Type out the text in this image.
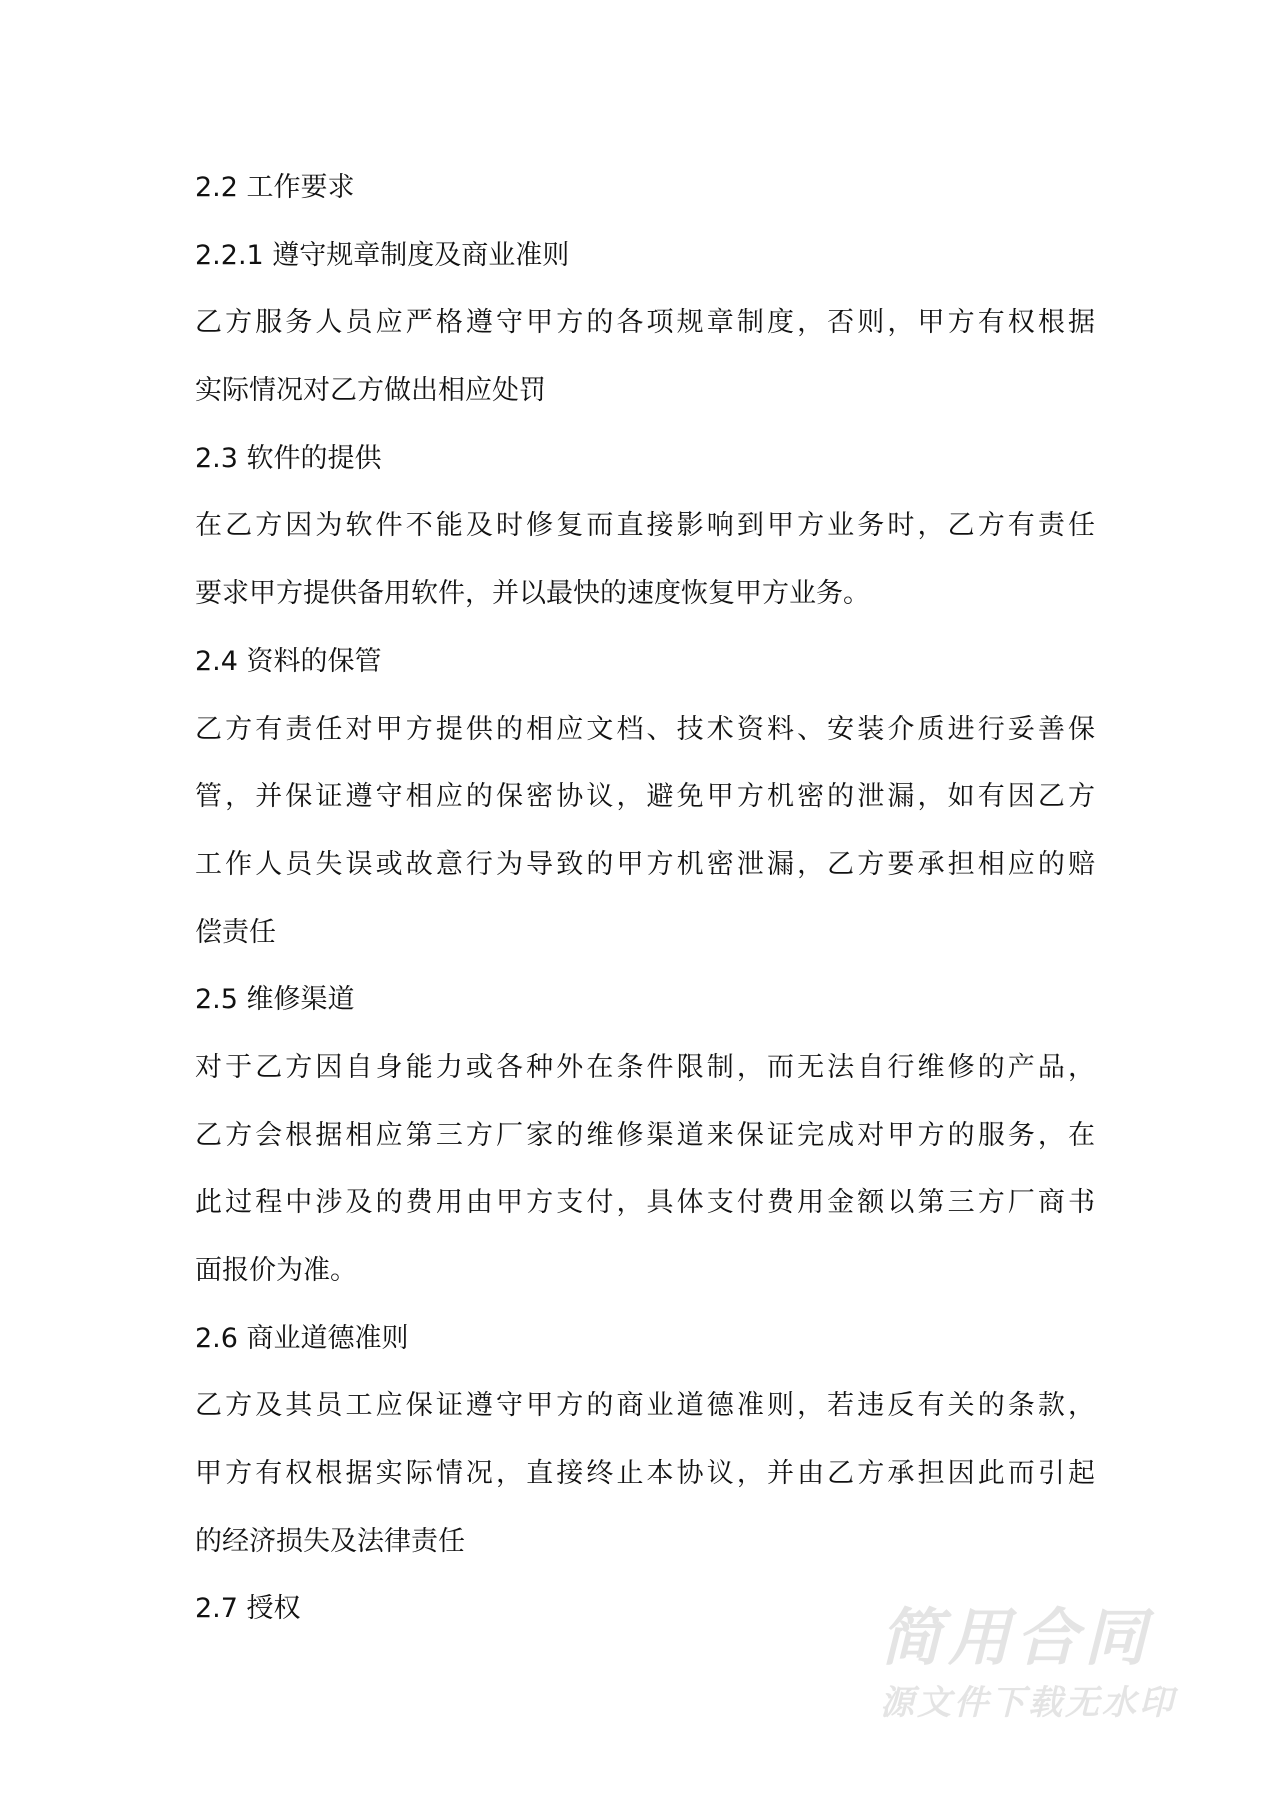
2.2 工作要求
2.2.1 遵守规章制度及商业准则
乙方服务人员应严格遵守甲方的各项规章制度，否则，甲方有权根据
实际情况对乙方做出相应处罚
2.3 软件的提供
在乙方因为软件不能及时修复而直接影响到甲方业务时，乙方有责任
要求甲方提供备用软件，并以最快的速度恢复甲方业务。
2.4 资料的保管
乙方有责任对甲方提供的相应文档、技术资料、安装介质进行妥善保
管，并保证遵守相应的保密协议，避免甲方机密的泄漏，如有因乙方
工作人员失误或故意行为导致的甲方机密泄漏，乙方要承担相应的赔
偿责任
2.5 维修渠道
对于乙方因自身能力或各种外在条件限制，而无法自行维修的产品，
乙方会根据相应第三方厂家的维修渠道来保证完成对甲方的服务，在
此过程中涉及的费用由甲方支付，具体支付费用金额以第三方厂商书
面报价为准。
2.6 商业道德准则
乙方及其员工应保证遵守甲方的商业道德准则，若违反有关的条款，
甲方有权根据实际情况，直接终止本协议，并由乙方承担因此而引起
的经济损失及法律责任
2.7 授权	简用合同
源文件下载无水印
